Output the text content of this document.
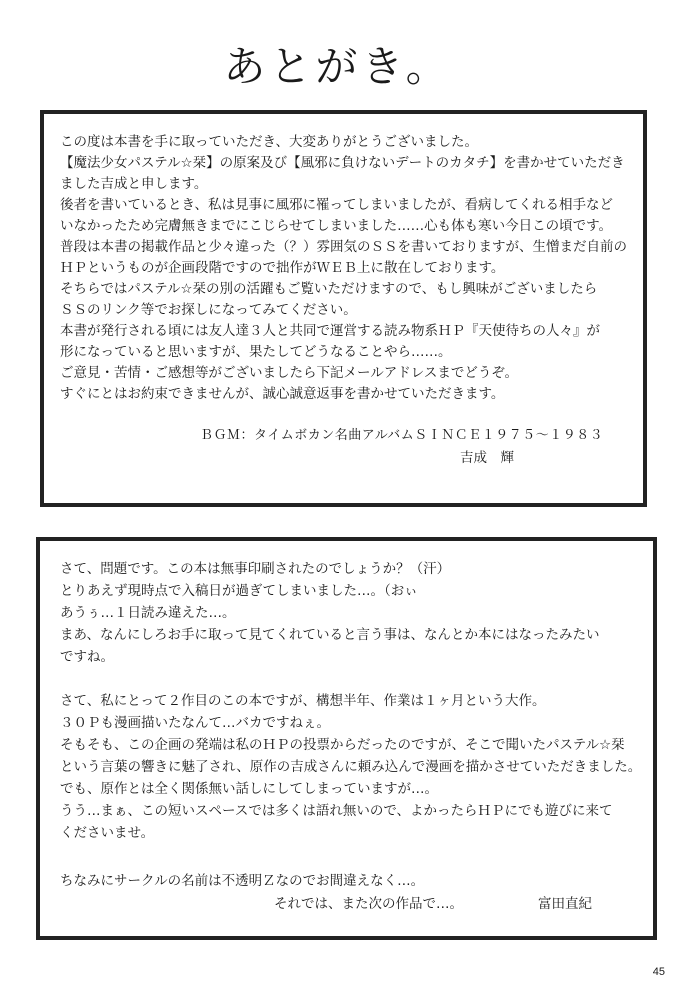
あとがき。
この度は本書を手に取っていただき、大変ありがとうございました。
【魔法少女パステル☆栞】の原案及び【風邪に負けないデートのカタチ】を書かせていただき
ました吉成と申します。
後者を書いているとき、私は見事に風邪に罹ってしまいましたが、看病してくれる相手など
いなかったため完膚無きまでにこじらせてしまいました……心も体も寒い今日この頃です。
普段は本書の掲載作品と少々違った（？）雰囲気のＳＳを書いておりますが、生憎まだ自前の
ＨＰというものが企画段階ですので拙作がＷＥＢ上に散在しております。
そちらではパステル☆栞の別の活躍もご覧いただけますので、もし興味がございましたら
ＳＳのリンク等でお探しになってみてください。
本書が発行される頃には友人達３人と共同で運営する読み物系ＨＰ『天使待ちの人々』が
形になっていると思いますが、果たしてどうなることやら……。
ご意見・苦情・ご感想等がございましたら下記メールアドレスまでどうぞ。
すぐにとはお約束できませんが、誠心誠意返事を書かせていただきます。
ＢＧＭ：タイムボカン名曲アルバムＳＩＮＣＥ１９７５〜１９８３
吉成　輝
さて、問題です。この本は無事印刷されたのでしょうか？（汗）
とりあえず現時点で入稿日が過ぎてしまいました…。（おぃ
あうぅ…１日読み違えた…。
まあ、なんにしろお手に取って見てくれていると言う事は、なんとか本にはなったみたい
ですね。
さて、私にとって２作目のこの本ですが、構想半年、作業は１ヶ月という大作。
３０Ｐも漫画描いたなんて…バカですねぇ。
そもそも、この企画の発端は私のＨＰの投票からだったのですが、そこで聞いたパステル☆栞
という言葉の響きに魅了され、原作の吉成さんに頼み込んで漫画を描かさせていただきました。
でも、原作とは全く関係無い話しにしてしまっていますが…。
うう…まぁ、この短いスペースでは多くは語れ無いので、よかったらＨＰにでも遊びに来て
くださいませ。
ちなみにサークルの名前は不透明Ｚなのでお間違えなく…。
それでは、また次の作品で…。	富田直紀
45
